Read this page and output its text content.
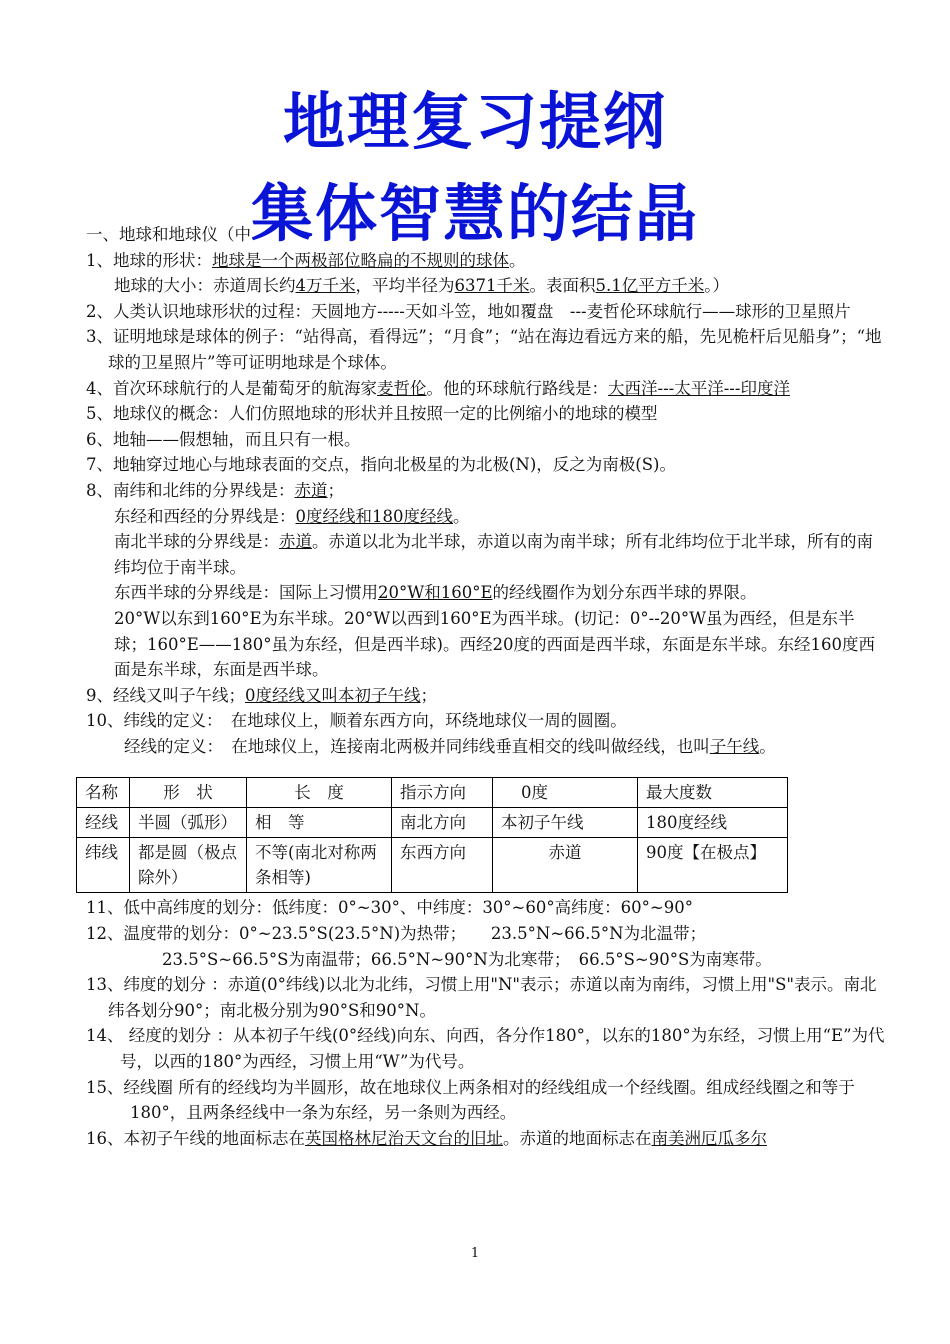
地理复习提纲
集体智慧的结晶

一、地球和地球仪（中

1、地球的形状：地球是一个两极部位略扁的不规则的球体。

地球的大小：赤道周长约4万千米，平均半径为6371千米。表面积5.1亿平方千米。）

2、人类认识地球形状的过程：天圆地方-----天如斗笠，地如覆盘　---麦哲伦环球航行——球形的卫星照片

3、证明地球是球体的例子：“站得高，看得远”；“月食”；“站在海边看远方来的船，先见桅杆后见船身”；“地球的卫星照片”等可证明地球是个球体。

4、首次环球航行的人是葡萄牙的航海家麦哲伦。他的环球航行路线是：大西洋---太平洋---印度洋

5、地球仪的概念：人们仿照地球的形状并且按照一定的比例缩小的地球的模型

6、地轴——假想轴，而且只有一根。

7、地轴穿过地心与地球表面的交点，指向北极星的为北极(N)，反之为南极(S)。

8、南纬和北纬的分界线是：赤道；

东经和西经的分界线是：0度经线和180度经线。

南北半球的分界线是：赤道。赤道以北为北半球，赤道以南为南半球；所有北纬均位于北半球，所有的南纬均位于南半球。

东西半球的分界线是：国际上习惯用20°W和160°E的经线圈作为划分东西半球的界限。

20°W以东到160°E为东半球。20°W以西到160°E为西半球。(切记：0°--20°W虽为西经，但是东半球；160°E——180°虽为东经，但是西半球)。西经20度的西面是西半球，东面是东半球。东经160度西面是东半球，东面是西半球。

9、经线又叫子午线；0度经线又叫本初子午线；

10、纬线的定义：　在地球仪上，顺着东西方向，环绕地球仪一周的圆圈。

经线的定义：　在地球仪上，连接南北两极并同纬线垂直相交的线叫做经线，也叫子午线。

名称	形　状	长　度	指示方向	0度	最大度数
经线	半圆（弧形）	相　等	南北方向	本初子午线	180度经线
纬线	都是圆（极点除外）	不等(南北对称两条相等)	东西方向	赤道	90度【在极点】

11、低中高纬度的划分：低纬度：0°~30°、中纬度：30°~60°高纬度：60°~90°

12、温度带的划分：0°~23.5°S(23.5°N)为热带；　　23.5°N~66.5°N为北温带；

23.5°S~66.5°S为南温带；66.5°N~90°N为北寒带；　66.5°S~90°S为南寒带。

13、纬度的划分 ：赤道(0°纬线)以北为北纬，习惯上用"N"表示；赤道以南为南纬，习惯上用"S"表示。南北纬各划分90°；南北极分别为90°S和90°N。

14、 经度的划分 ：从本初子午线(0°经线)向东、向西，各分作180°，以东的180°为东经，习惯上用“E”为代号，以西的180°为西经，习惯上用“W”为代号。

15、经线圈 所有的经线均为半圆形，故在地球仪上两条相对的经线组成一个经线圈。组成经线圈之和等于180°，且两条经线中一条为东经，另一条则为西经。

16、本初子午线的地面标志在英国格林尼治天文台的旧址。赤道的地面标志在南美洲厄瓜多尔

1
